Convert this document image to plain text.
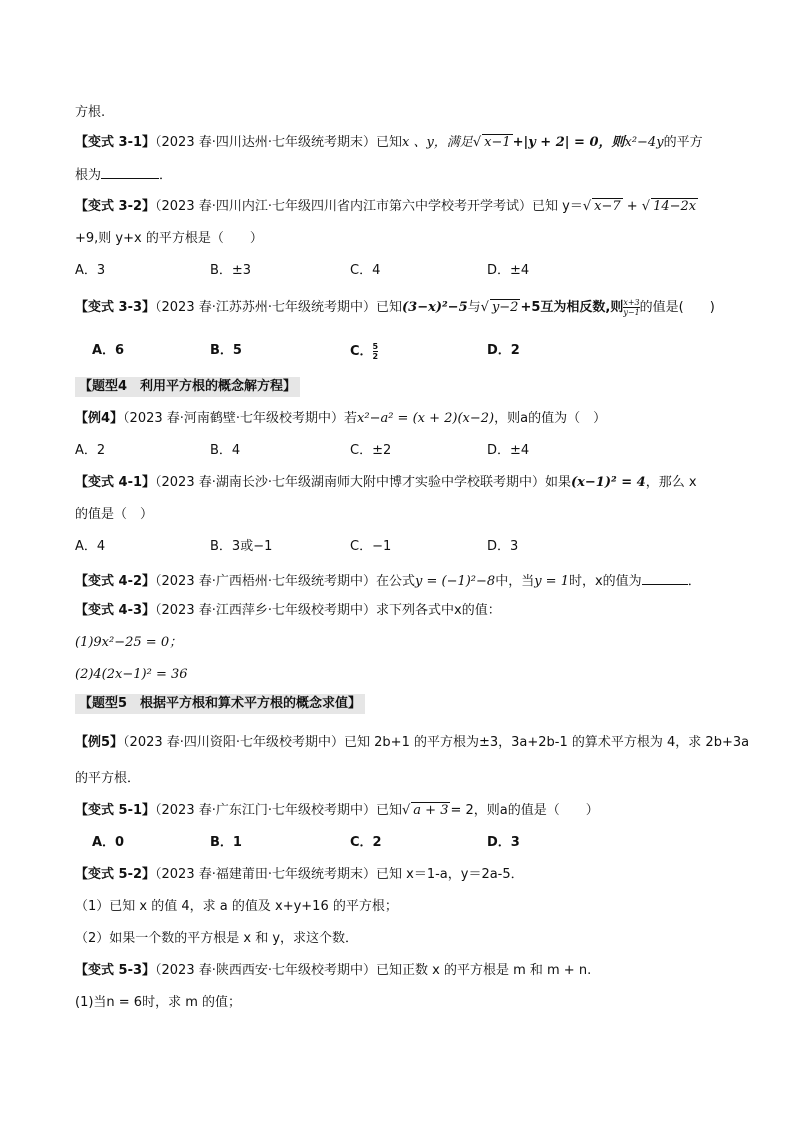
方根.
【变式 3-1】（2023 春·四川达州·七年级统考期末）已知x 、y，满足√ x−1 +|y + 2| = 0，则x²−4y的平方
根为	．
【变式 3-2】（2023 春·四川内江·七年级四川省内江市第六中学校考开学考试）已知 y＝√ x−7 + √ 14−2x
+9,则 y+x 的平方根是（　　）
A．3	B．±3	C．4	D．±4
【变式 3-3】（2023 春·江苏苏州·七年级统考期中）已知(3−x)²−5与√ y−2 +5互为相反数,则 $\frac{x+3}{y-1}$ 的值是(　　)
A．6	B．5	C． $\frac{5}{2}$	D．2
【题型4　利用平方根的概念解方程】
【例4】（2023 春·河南鹤壁·七年级校考期中）若x²−a² = (x + 2)(x−2)，则a的值为（　）
A．2	B．4	C．±2	D．±4
【变式 4-1】（2023 春·湖南长沙·七年级湖南师大附中博才实验中学校联考期中）如果(x−1)² = 4，那么 x
的值是（　）
A．4	B．3或−1	C．−1	D．3
【变式 4-2】（2023 春·广西梧州·七年级统考期中）在公式y = (−1)²−8中，当y = 1时，x的值为	．
【变式 4-3】（2023 春·江西萍乡·七年级校考期中）求下列各式中x的值：
(1)9x²−25 = 0；
(2)4(2x−1)² = 36
【题型5　根据平方根和算术平方根的概念求值】
【例5】（2023 春·四川资阳·七年级校考期中）已知 2b+1 的平方根为±3，3a+2b-1 的算术平方根为 4，求 2b+3a
的平方根．
【变式 5-1】（2023 春·广东江门·七年级校考期中）已知√ a + 3 = 2，则a的值是（　　）
A．0	B．1	C．2	D．3
【变式 5-2】（2023 春·福建莆田·七年级统考期末）已知 x＝1-a，y＝2a-5．
（1）已知 x 的值 4，求 a 的值及 x+y+16 的平方根；
（2）如果一个数的平方根是 x 和 y，求这个数．
【变式 5-3】（2023 春·陕西西安·七年级校考期中）已知正数 x 的平方根是 m 和 m + n.
(1)当n = 6时，求 m 的值；
